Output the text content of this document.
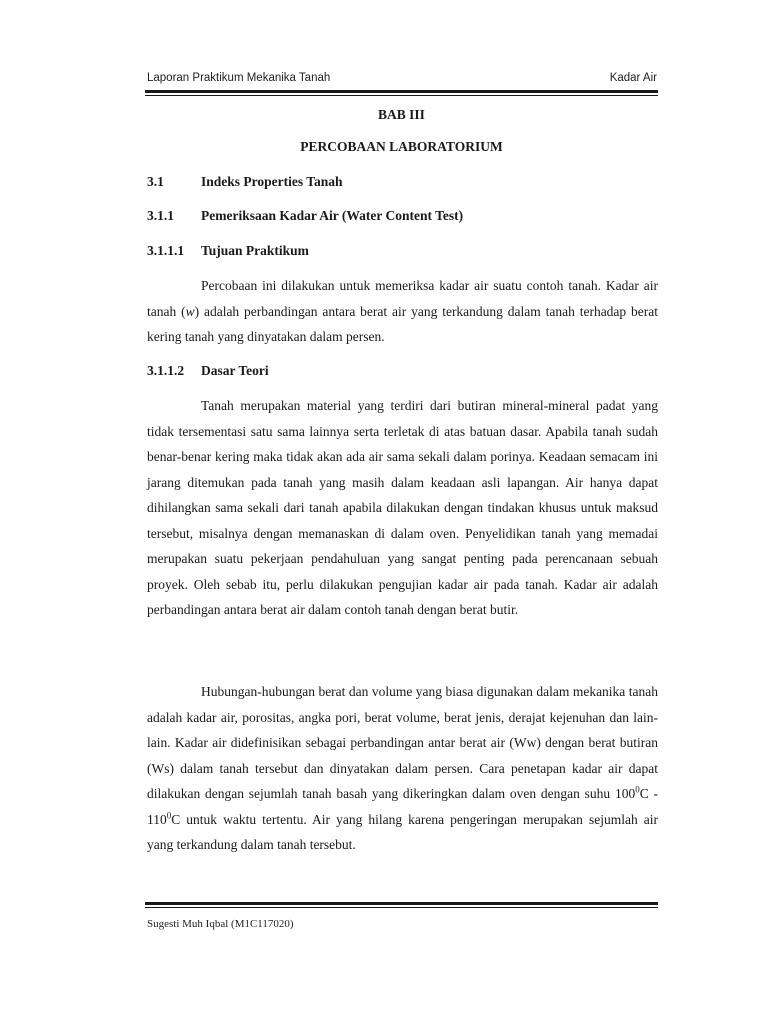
Laporan Praktikum Mekanika Tanah	Kadar Air
BAB III
PERCOBAAN LABORATORIUM
3.1	Indeks Properties Tanah
3.1.1 Pemeriksaan Kadar Air (Water Content Test)
3.1.1.1 Tujuan Praktikum

Percobaan ini dilakukan untuk memeriksa kadar air suatu contoh tanah. Kadar air tanah (w) adalah perbandingan antara berat air yang terkandung dalam tanah terhadap berat kering tanah yang dinyatakan dalam persen.

3.1.1.2 Dasar Teori

Tanah merupakan material yang terdiri dari butiran mineral-mineral padat yang tidak tersementasi satu sama lainnya serta terletak di atas batuan dasar. Apabila tanah sudah benar-benar kering maka tidak akan ada air sama sekali dalam porinya. Keadaan semacam ini jarang ditemukan pada tanah yang masih dalam keadaan asli lapangan. Air hanya dapat dihilangkan sama sekali dari tanah apabila dilakukan dengan tindakan khusus untuk maksud tersebut, misalnya dengan memanaskan di dalam oven. Penyelidikan tanah yang memadai merupakan suatu pekerjaan pendahuluan yang sangat penting pada perencanaan sebuah proyek. Oleh sebab itu, perlu dilakukan pengujian kadar air pada tanah. Kadar air adalah perbandingan antara berat air dalam contoh tanah dengan berat butir.

Hubungan-hubungan berat dan volume yang biasa digunakan dalam mekanika tanah adalah kadar air, porositas, angka pori, berat volume, berat jenis, derajat kejenuhan dan lain-lain. Kadar air didefinisikan sebagai perbandingan antar berat air (Ww) dengan berat butiran (Ws) dalam tanah tersebut dan dinyatakan dalam persen. Cara penetapan kadar air dapat dilakukan dengan sejumlah tanah basah yang dikeringkan dalam oven dengan suhu $100^0C - 110^0C$ untuk waktu tertentu. Air yang hilang karena pengeringan merupakan sejumlah air yang terkandung dalam tanah tersebut.

Sugesti Muh Iqbal (M1C117020)
